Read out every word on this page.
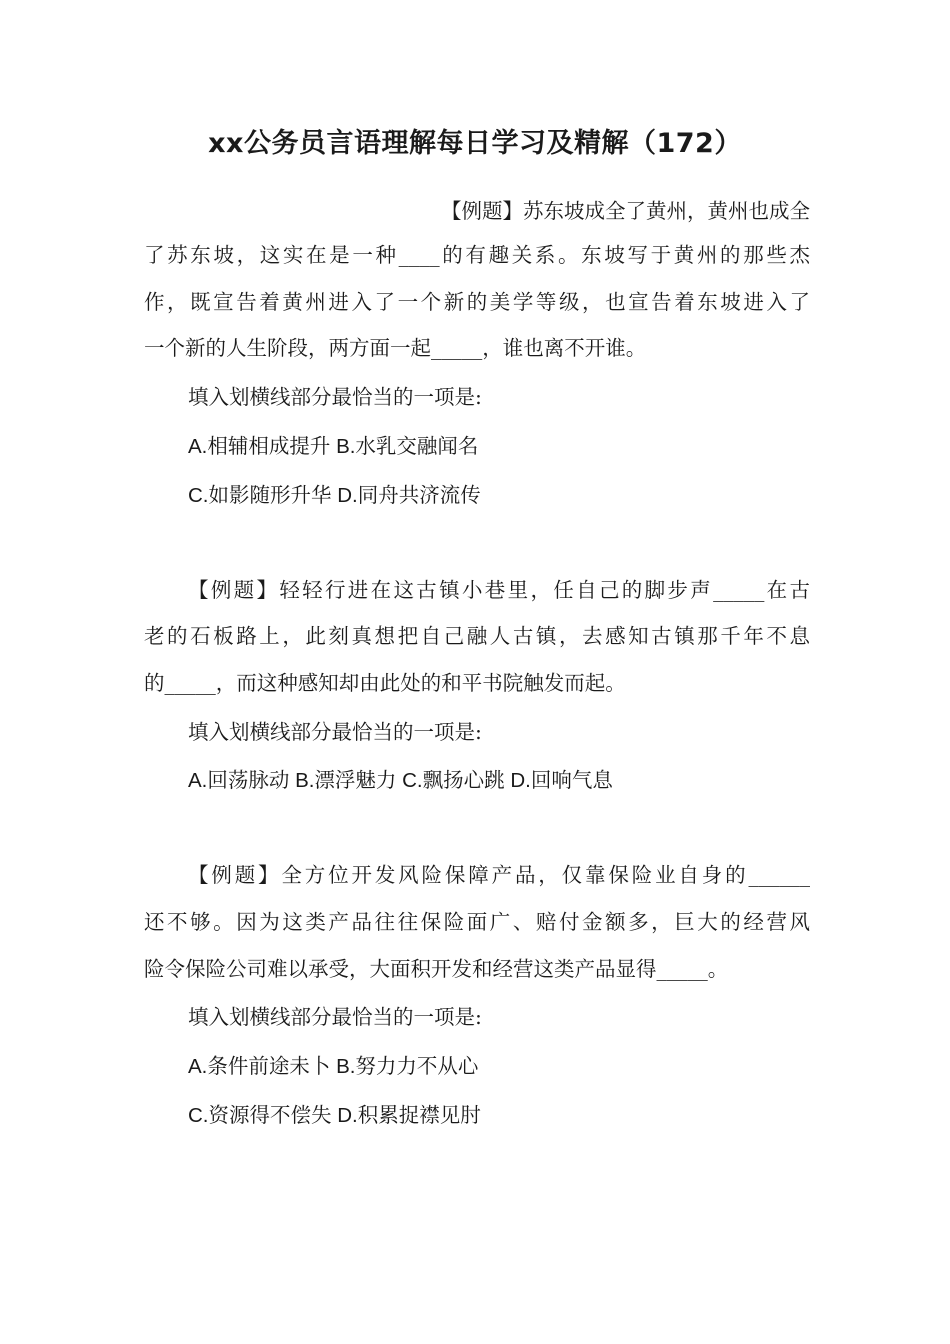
xx公务员言语理解每日学习及精解（172）
【例题】苏东坡成全了黄州，黄州也成全
了苏东坡，这实在是一种____的有趣关系。东坡写于黄州的那些杰
作，既宣告着黄州进入了一个新的美学等级，也宣告着东坡进入了
一个新的人生阶段，两方面一起_____，谁也离不开谁。
填入划横线部分最恰当的一项是:
A.相辅相成提升 B.水乳交融闻名
C.如影随形升华 D.同舟共济流传
【例题】轻轻行进在这古镇小巷里，任自己的脚步声_____在古
老的石板路上，此刻真想把自己融人古镇，去感知古镇那千年不息
的_____，而这种感知却由此处的和平书院触发而起。
填入划横线部分最恰当的一项是:
A.回荡脉动 B.漂浮魅力 C.飘扬心跳 D.回响气息
【例题】全方位开发风险保障产品，仅靠保险业自身的______
还不够。因为这类产品往往保险面广、赔付金额多，巨大的经营风
险令保险公司难以承受，大面积开发和经营这类产品显得_____。
填入划横线部分最恰当的一项是:
A.条件前途未卜 B.努力力不从心
C.资源得不偿失 D.积累捉襟见肘
